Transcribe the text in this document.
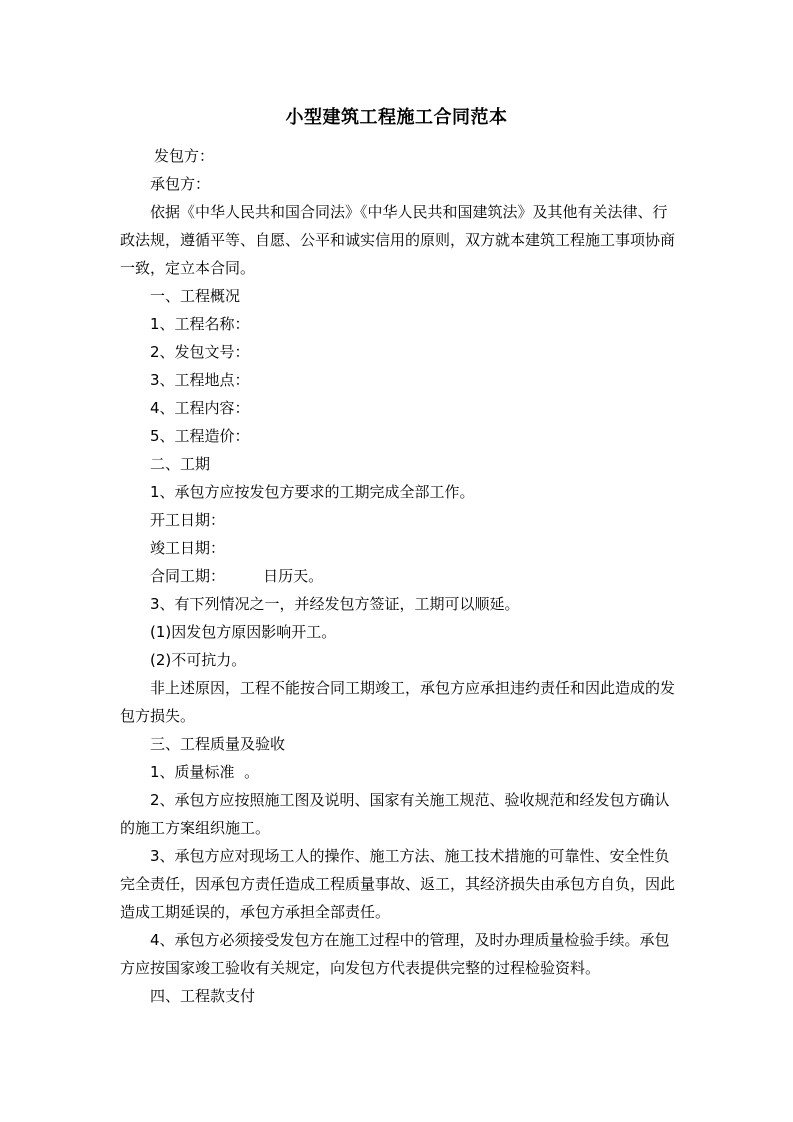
小型建筑工程施工合同范本

发包方：

承包方：

依据《中华人民共和国合同法》《中华人民共和国建筑法》及其他有关法律、行政法规，遵循平等、自愿、公平和诚实信用的原则，双方就本建筑工程施工事项协商一致，定立本合同。

一、工程概况

1、工程名称：

2、发包文号：

3、工程地点：

4、工程内容：

5、工程造价：

二、工期

1、承包方应按发包方要求的工期完成全部工作。

开工日期：

竣工日期：

合同工期：        日历天。

3、有下列情况之一，并经发包方签证，工期可以顺延。

(1)因发包方原因影响开工。

(2)不可抗力。

非上述原因，工程不能按合同工期竣工，承包方应承担违约责任和因此造成的发包方损失。

三、工程质量及验收

1、质量标准  。

2、承包方应按照施工图及说明、国家有关施工规范、验收规范和经发包方确认的施工方案组织施工。

3、承包方应对现场工人的操作、施工方法、施工技术措施的可靠性、安全性负完全责任，因承包方责任造成工程质量事故、返工，其经济损失由承包方自负，因此造成工期延误的，承包方承担全部责任。

4、承包方必须接受发包方在施工过程中的管理，及时办理质量检验手续。承包方应按国家竣工验收有关规定，向发包方代表提供完整的过程检验资料。

四、工程款支付
